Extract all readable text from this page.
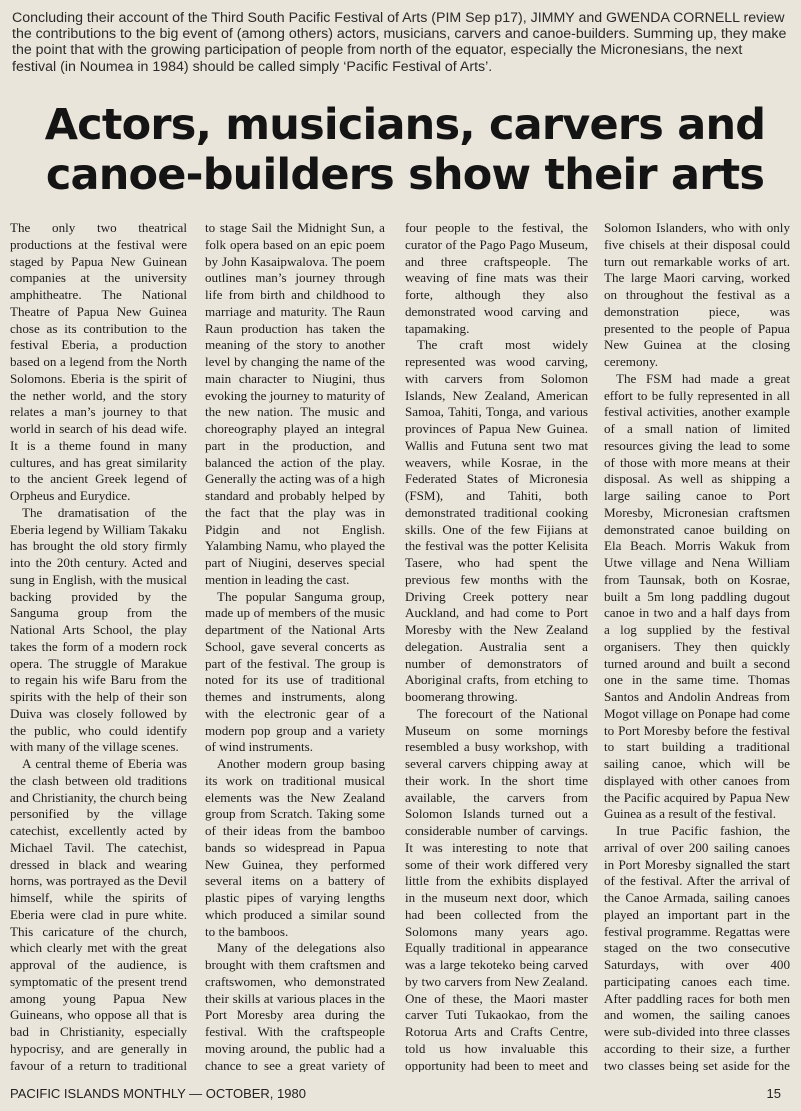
Concluding their account of the Third South Pacific Festival of Arts (PIM Sep p17), JIMMY and GWENDA CORNELL review the contributions to the big event of (among others) actors, musicians, carvers and canoe-builders. Summing up, they make the point that with the growing participation of people from north of the equator, especially the Micronesians, the next festival (in Noumea in 1984) should be called simply ‘Pacific Festival of Arts’.
Actors, musicians, carvers and canoe-builders show their arts

The only two theatrical productions at the festival were staged by Papua New Guinean companies at the university amphitheatre. The National Theatre of Papua New Guinea chose as its contribution to the festival Eberia, a production based on a legend from the North Solomons. Eberia is the spirit of the nether world, and the story relates a man’s journey to that world in search of his dead wife. It is a theme found in many cultures, and has great similarity to the ancient Greek legend of Orpheus and Eurydice.

The dramatisation of the Eberia legend by William Takaku has brought the old story firmly into the 20th century. Acted and sung in English, with the musical backing provided by the Sanguma group from the National Arts School, the play takes the form of a modern rock opera. The struggle of Marakue to regain his wife Baru from the spirits with the help of their son Duiva was closely followed by the public, who could identify with many of the village scenes.

A central theme of Eberia was the clash between old traditions and Christianity, the church being personified by the village catechist, excellently acted by Michael Tavil. The catechist, dressed in black and wearing horns, was portrayed as the Devil himself, while the spirits of Eberia were clad in pure white. This caricature of the church, which clearly met with the great approval of the audience, is symptomatic of the present trend among young Papua New Guineans, who oppose all that is bad in Christianity, especially hypocrisy, and are generally in favour of a return to traditional

to stage Sail the Midnight Sun, a folk opera based on an epic poem by John Kasaipwalova. The poem outlines man’s journey through life from birth and childhood to marriage and maturity. The Raun Raun production has taken the meaning of the story to another level by changing the name of the main character to Niugini, thus evoking the journey to maturity of the new nation. The music and choreography played an integral part in the production, and balanced the action of the play. Generally the acting was of a high standard and probably helped by the fact that the play was in Pidgin and not English. Yalambing Namu, who played the part of Niugini, deserves special mention in leading the cast.

The popular Sanguma group, made up of members of the music department of the National Arts School, gave several concerts as part of the festival. The group is noted for its use of traditional themes and instruments, along with the electronic gear of a modern pop group and a variety of wind instruments.

Another modern group basing its work on traditional musical elements was the New Zealand group from Scratch. Taking some of their ideas from the bamboo bands so widespread in Papua New Guinea, they performed several items on a battery of plastic pipes of varying lengths which produced a similar sound to the bamboos.

Many of the delegations also brought with them craftsmen and craftswomen, who demonstrated their skills at various places in the Port Moresby area during the festival. With the craftspeople moving around, the public had a chance to see a great variety of

four people to the festival, the curator of the Pago Pago Museum, and three craftspeople. The weaving of fine mats was their forte, although they also demonstrated wood carving and tapamaking.

The craft most widely represented was wood carving, with carvers from Solomon Islands, New Zealand, American Samoa, Tahiti, Tonga, and various provinces of Papua New Guinea. Wallis and Futuna sent two mat weavers, while Kosrae, in the Federated States of Micronesia (FSM), and Tahiti, both demonstrated traditional cooking skills. One of the few Fijians at the festival was the potter Kelisita Tasere, who had spent the previous few months with the Driving Creek pottery near Auckland, and had come to Port Moresby with the New Zealand delegation. Australia sent a number of demonstrators of Aboriginal crafts, from etching to boomerang throwing.

The forecourt of the National Museum on some mornings resembled a busy workshop, with several carvers chipping away at their work. In the short time available, the carvers from Solomon Islands turned out a considerable number of carvings. It was interesting to note that some of their work differed very little from the exhibits displayed in the museum next door, which had been collected from the Solomons many years ago. Equally traditional in appearance was a large tekoteko being carved by two carvers from New Zealand. One of these, the Maori master carver Tuti Tukaokao, from the Rotorua Arts and Crafts Centre, told us how invaluable this opportunity had been to meet and

Solomon Islanders, who with only five chisels at their disposal could turn out remarkable works of art. The large Maori carving, worked on throughout the festival as a demonstration piece, was presented to the people of Papua New Guinea at the closing ceremony.

The FSM had made a great effort to be fully represented in all festival activities, another example of a small nation of limited resources giving the lead to some of those with more means at their disposal. As well as shipping a large sailing canoe to Port Moresby, Micronesian craftsmen demonstrated canoe building on Ela Beach. Morris Wakuk from Utwe village and Nena William from Taunsak, both on Kosrae, built a 5m long paddling dugout canoe in two and a half days from a log supplied by the festival organisers. They then quickly turned around and built a second one in the same time. Thomas Santos and Andolin Andreas from Mogot village on Ponape had come to Port Moresby before the festival to start building a traditional sailing canoe, which will be displayed with other canoes from the Pacific acquired by Papua New Guinea as a result of the festival.

In true Pacific fashion, the arrival of over 200 sailing canoes in Port Moresby signalled the start of the festival. After the arrival of the Canoe Armada, sailing canoes played an important part in the festival programme. Regattas were staged on the two consecutive Saturdays, with over 400 participating canoes each time. After paddling races for both men and women, the sailing canoes were sub-divided into three classes according to their size, a further two classes being set aside for the

PACIFIC ISLANDS MONTHLY — OCTOBER, 1980	15
